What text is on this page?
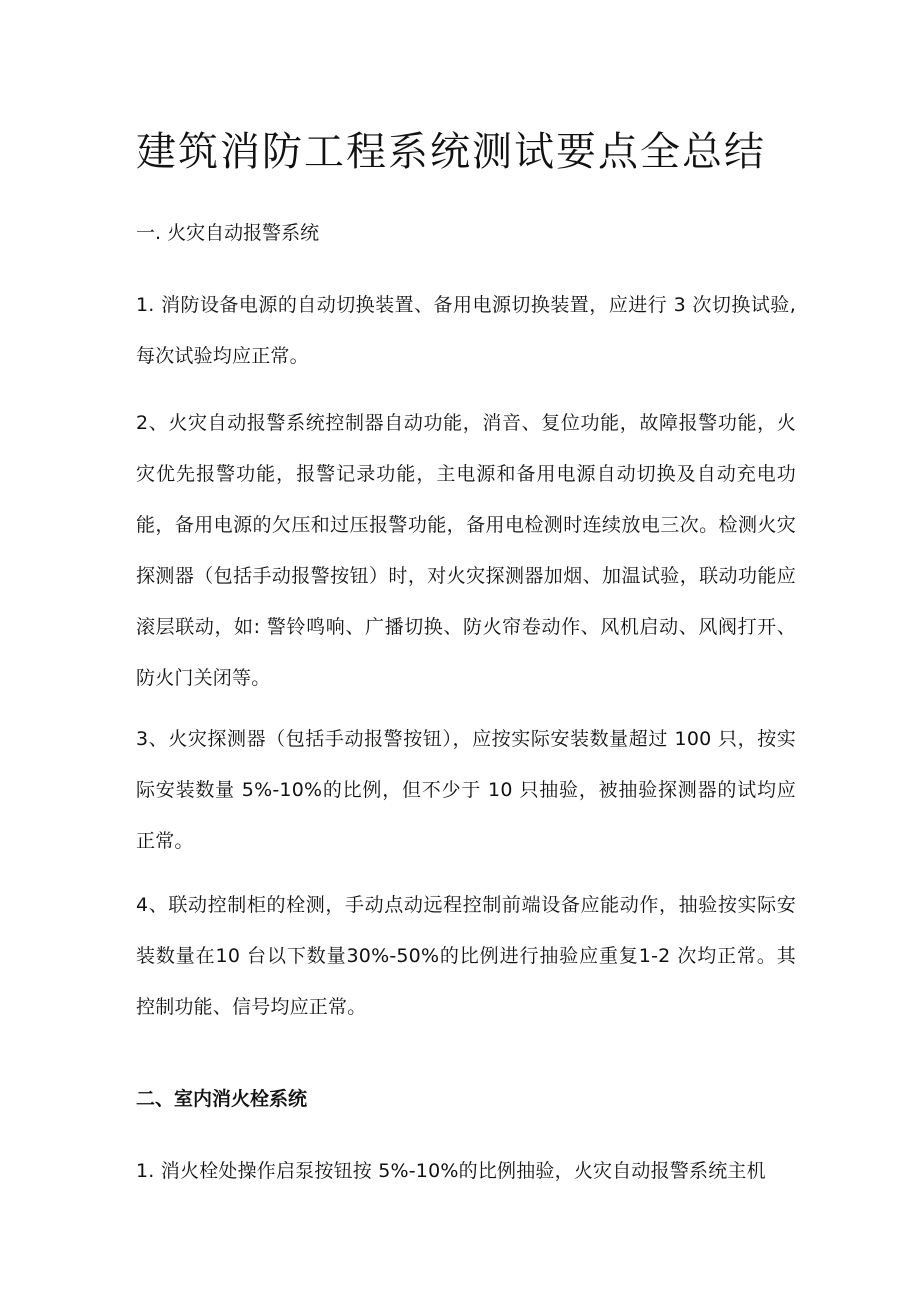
建筑消防工程系统测试要点全总结

一. 火灾自动报警系统

1. 消防设备电源的自动切换装置、备用电源切换装置，应进行 3 次切换试验, 每次试验均应正常。

2、火灾自动报警系统控制器自动功能，消音、复位功能，故障报警功能，火灾优先报警功能，报警记录功能，主电源和备用电源自动切换及自动充电功能，备用电源的欠压和过压报警功能，备用电检测时连续放电三次。检测火灾探测器（包括手动报警按钮）时，对火灾探测器加烟、加温试验，联动功能应滚层联动，如: 警铃鸣响、广播切换、防火帘卷动作、风机启动、风阀打开、防火门关闭等。

3、火灾探测器（包括手动报警按钮），应按实际安装数量超过 100 只，按实际安装数量 5%-10%的比例，但不少于 10 只抽验，被抽验探测器的试均应正常。

4、联动控制柜的栓测，手动点动远程控制前端设备应能动作，抽验按实际安装数量在10 台以下数量30%-50%的比例进行抽验应重复1-2 次均正常。其控制功能、信号均应正常。

二、室内消火栓系统

1. 消火栓处操作启泵按钮按 5%-10%的比例抽验，火灾自动报警系统主机
